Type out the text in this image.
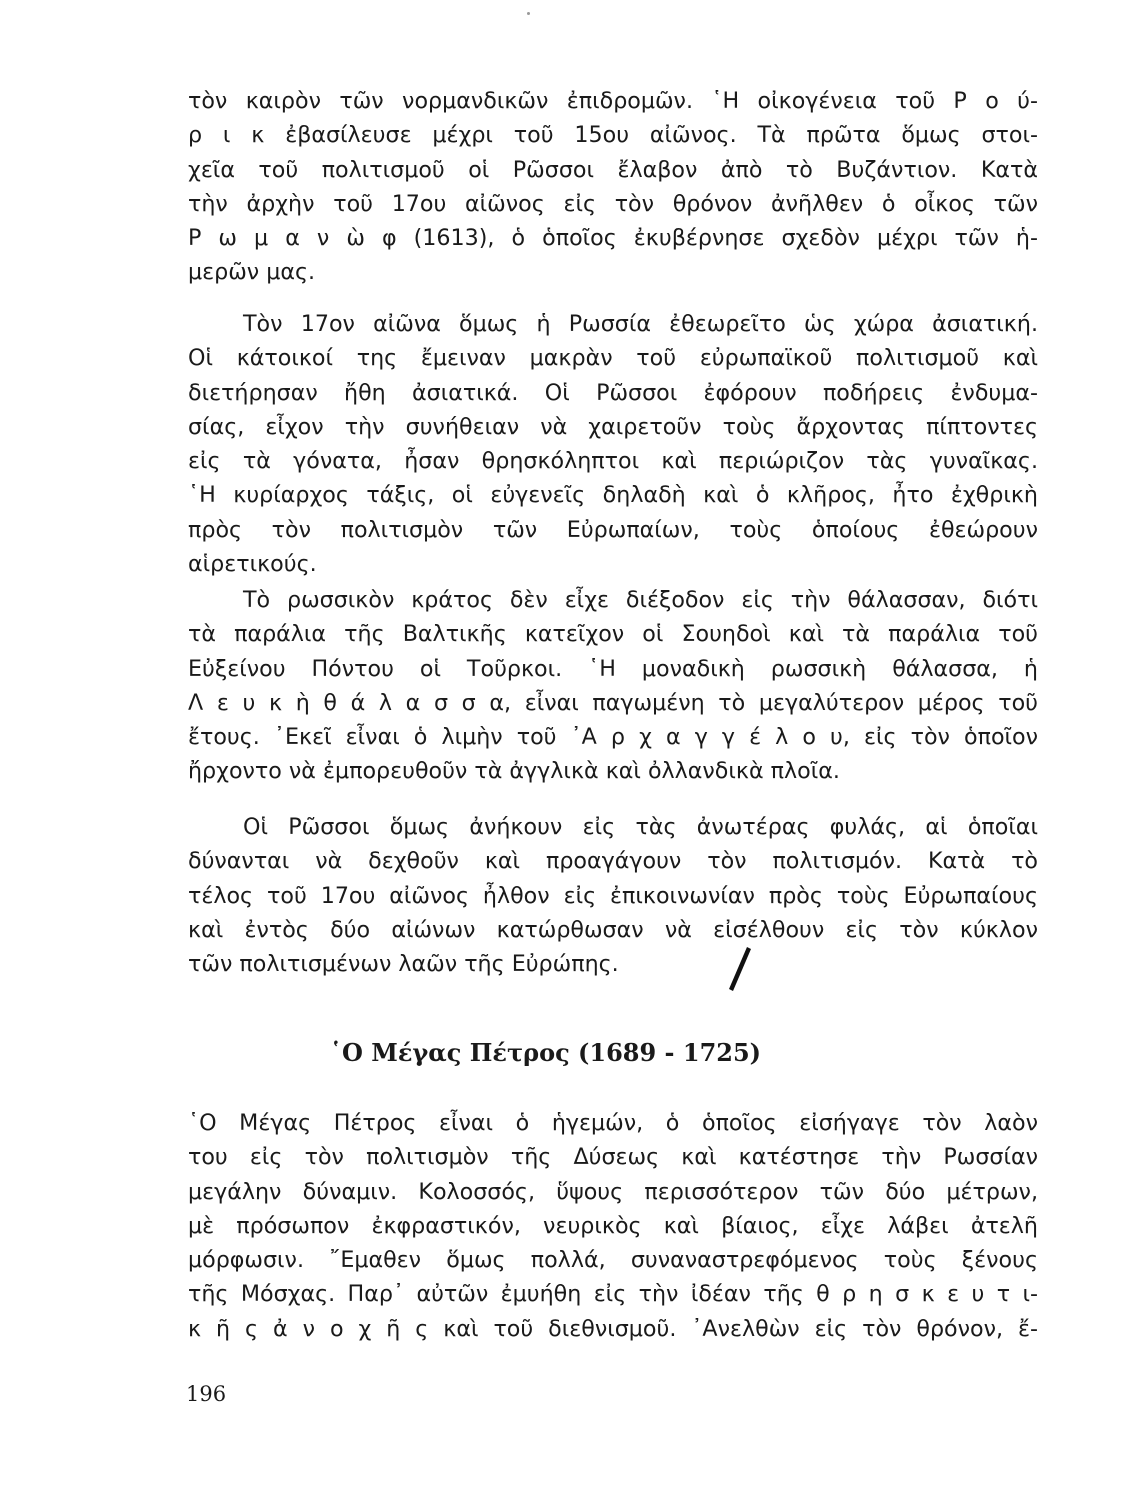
τὸν καιρὸν τῶν νορμανδικῶν ἐπιδρομῶν. ῾Η οἰκογένεια τοῦ Ρ ο ύ-
ρ ι κ ἐβασίλευσε μέχρι τοῦ 15ου αἰῶνος. Τὰ πρῶτα ὅμως στοι-
χεῖα τοῦ πολιτισμοῦ οἱ Ρῶσσοι ἔλαβον ἀπὸ τὸ Βυζάντιον. Κατὰ
τὴν ἀρχὴν τοῦ 17ου αἰῶνος εἰς τὸν θρόνον ἀνῆλθεν ὁ οἶκος τῶν
Ρ ω μ α ν ὼ φ (1613), ὁ ὁποῖος ἐκυβέρνησε σχεδὸν μέχρι τῶν ἡ-
μερῶν μας.
Τὸν 17ον αἰῶνα ὅμως ἡ Ρωσσία ἐθεωρεῖτο ὡς χώρα ἀσιατική.
Οἱ κάτοικοί της ἔμειναν μακρὰν τοῦ εὐρωπαϊκοῦ πολιτισμοῦ καὶ
διετήρησαν ἤθη ἀσιατικά. Οἱ Ρῶσσοι ἐφόρουν ποδήρεις ἐνδυμα-
σίας, εἶχον τὴν συνήθειαν νὰ χαιρετοῦν τοὺς ἄρχοντας πίπτοντες
εἰς τὰ γόνατα, ἦσαν θρησκόληπτοι καὶ περιώριζον τὰς γυναῖκας.
῾Η κυρίαρχος τάξις, οἱ εὐγενεῖς δηλαδὴ καὶ ὁ κλῆρος, ἦτο ἐχθρικὴ
πρὸς τὸν πολιτισμὸν τῶν Εὐρωπαίων, τοὺς ὁποίους ἐθεώρουν
αἱρετικούς.
Τὸ ρωσσικὸν κράτος δὲν εἶχε διέξοδον εἰς τὴν θάλασσαν, διότι
τὰ παράλια τῆς Βαλτικῆς κατεῖχον οἱ Σουηδοὶ καὶ τὰ παράλια τοῦ
Εὐξείνου Πόντου οἱ Τοῦρκοι. ῾Η μοναδικὴ ρωσσικὴ θάλασσα, ἡ
Λ ε υ κ ὴ θ ά λ α σ σ α, εἶναι παγωμένη τὸ μεγαλύτερον μέρος τοῦ
ἔτους. ᾿Εκεῖ εἶναι ὁ λιμὴν τοῦ ᾿Α ρ χ α γ γ έ λ ο υ, εἰς τὸν ὁποῖον
ἤρχοντο νὰ ἐμπορευθοῦν τὰ ἀγγλικὰ καὶ ὀλλανδικὰ πλοῖα.
Οἱ Ρῶσσοι ὅμως ἀνήκουν εἰς τὰς ἀνωτέρας φυλάς, αἱ ὁποῖαι
δύνανται νὰ δεχθοῦν καὶ προαγάγουν τὸν πολιτισμόν. Κατὰ τὸ
τέλος τοῦ 17ου αἰῶνος ἦλθον εἰς ἐπικοινωνίαν πρὸς τοὺς Εὐρωπαίους
καὶ ἐντὸς δύο αἰώνων κατώρθωσαν νὰ εἰσέλθουν εἰς τὸν κύκλον
τῶν πολιτισμένων λαῶν τῆς Εὐρώπης.
῾Ο Μέγας Πέτρος (1689 - 1725)
῾Ο Μέγας Πέτρος εἶναι ὁ ἡγεμών, ὁ ὁποῖος εἰσήγαγε τὸν λαὸν
του εἰς τὸν πολιτισμὸν τῆς Δύσεως καὶ κατέστησε τὴν Ρωσσίαν
μεγάλην δύναμιν. Κολοσσός, ὕψους περισσότερον τῶν δύο μέτρων,
μὲ πρόσωπον ἐκφραστικόν, νευρικὸς καὶ βίαιος, εἶχε λάβει ἀτελῆ
μόρφωσιν. ῎Εμαθεν ὅμως πολλά, συναναστρεφόμενος τοὺς ξένους
τῆς Μόσχας. Παρ᾿ αὐτῶν ἐμυήθη εἰς τὴν ἰδέαν τῆς θ ρ η σ κ ε υ τ ι-
κ ῆ ς ἀ ν ο χ ῆ ς καὶ τοῦ διεθνισμοῦ. ᾿Ανελθὼν εἰς τὸν θρόνον, ἔ-
196
